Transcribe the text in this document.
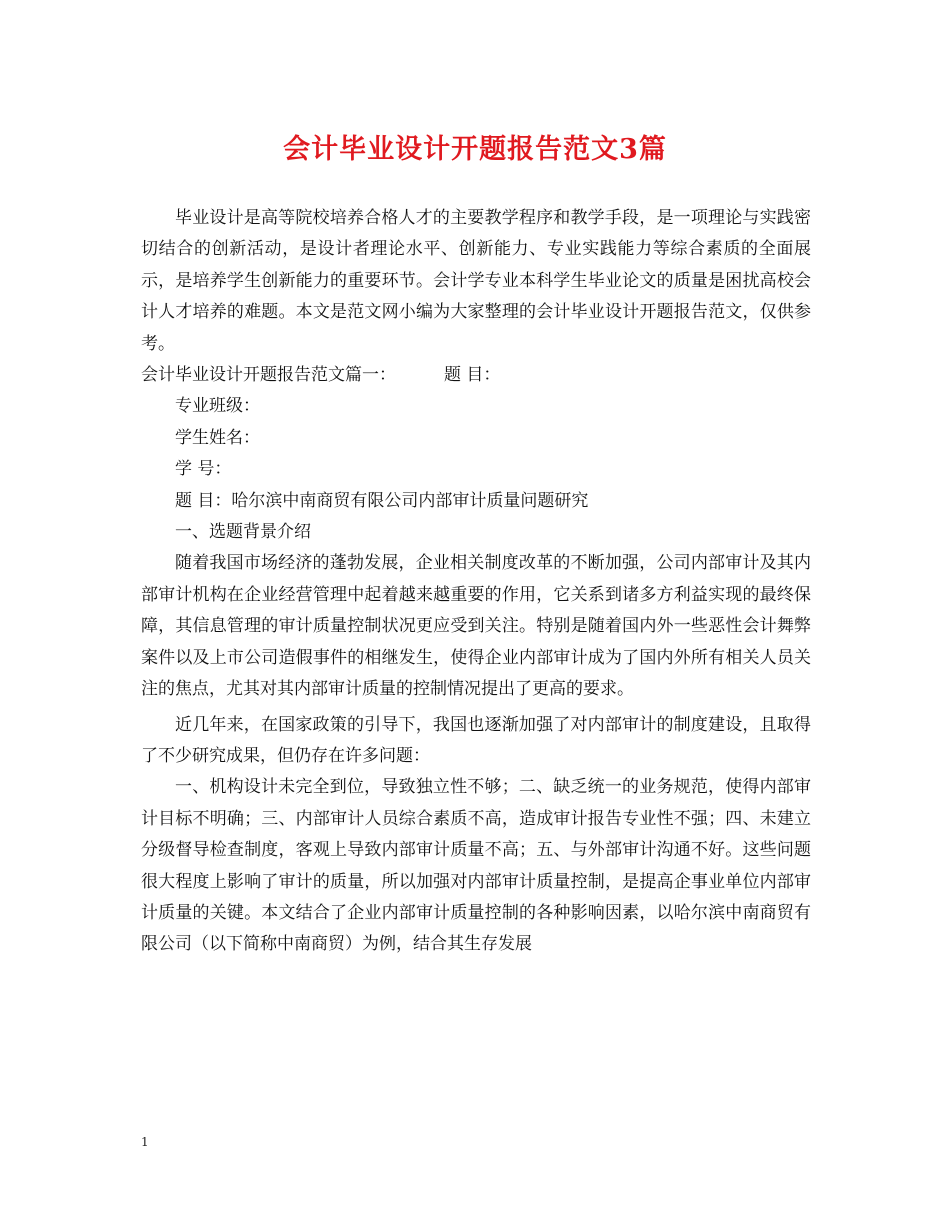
会计毕业设计开题报告范文3篇

毕业设计是高等院校培养合格人才的主要教学程序和教学手段，是一项理论与实践密切结合的创新活动，是设计者理论水平、创新能力、专业实践能力等综合素质的全面展示，是培养学生创新能力的重要环节。会计学专业本科学生毕业论文的质量是困扰高校会计人才培养的难题。本文是范文网小编为大家整理的会计毕业设计开题报告范文，仅供参考。

会计毕业设计开题报告范文篇一：	题 目：

专业班级：

学生姓名：

学 号：

题 目：哈尔滨中南商贸有限公司内部审计质量问题研究

一、选题背景介绍

随着我国市场经济的蓬勃发展，企业相关制度改革的不断加强，公司内部审计及其内部审计机构在企业经营管理中起着越来越重要的作用，它关系到诸多方利益实现的最终保障，其信息管理的审计质量控制状况更应受到关注。特别是随着国内外一些恶性会计舞弊案件以及上市公司造假事件的相继发生，使得企业内部审计成为了国内外所有相关人员关注的焦点，尤其对其内部审计质量的控制情况提出了更高的要求。

近几年来，在国家政策的引导下，我国也逐渐加强了对内部审计的制度建设，且取得了不少研究成果，但仍存在许多问题：

一、机构设计未完全到位，导致独立性不够；二、缺乏统一的业务规范，使得内部审计目标不明确；三、内部审计人员综合素质不高，造成审计报告专业性不强；四、未建立分级督导检查制度，客观上导致内部审计质量不高；五、与外部审计沟通不好。这些问题很大程度上影响了审计的质量，所以加强对内部审计质量控制，是提高企事业单位内部审计质量的关键。本文结合了企业内部审计质量控制的各种影响因素，以哈尔滨中南商贸有限公司（以下简称中南商贸）为例，结合其生存发展

1
